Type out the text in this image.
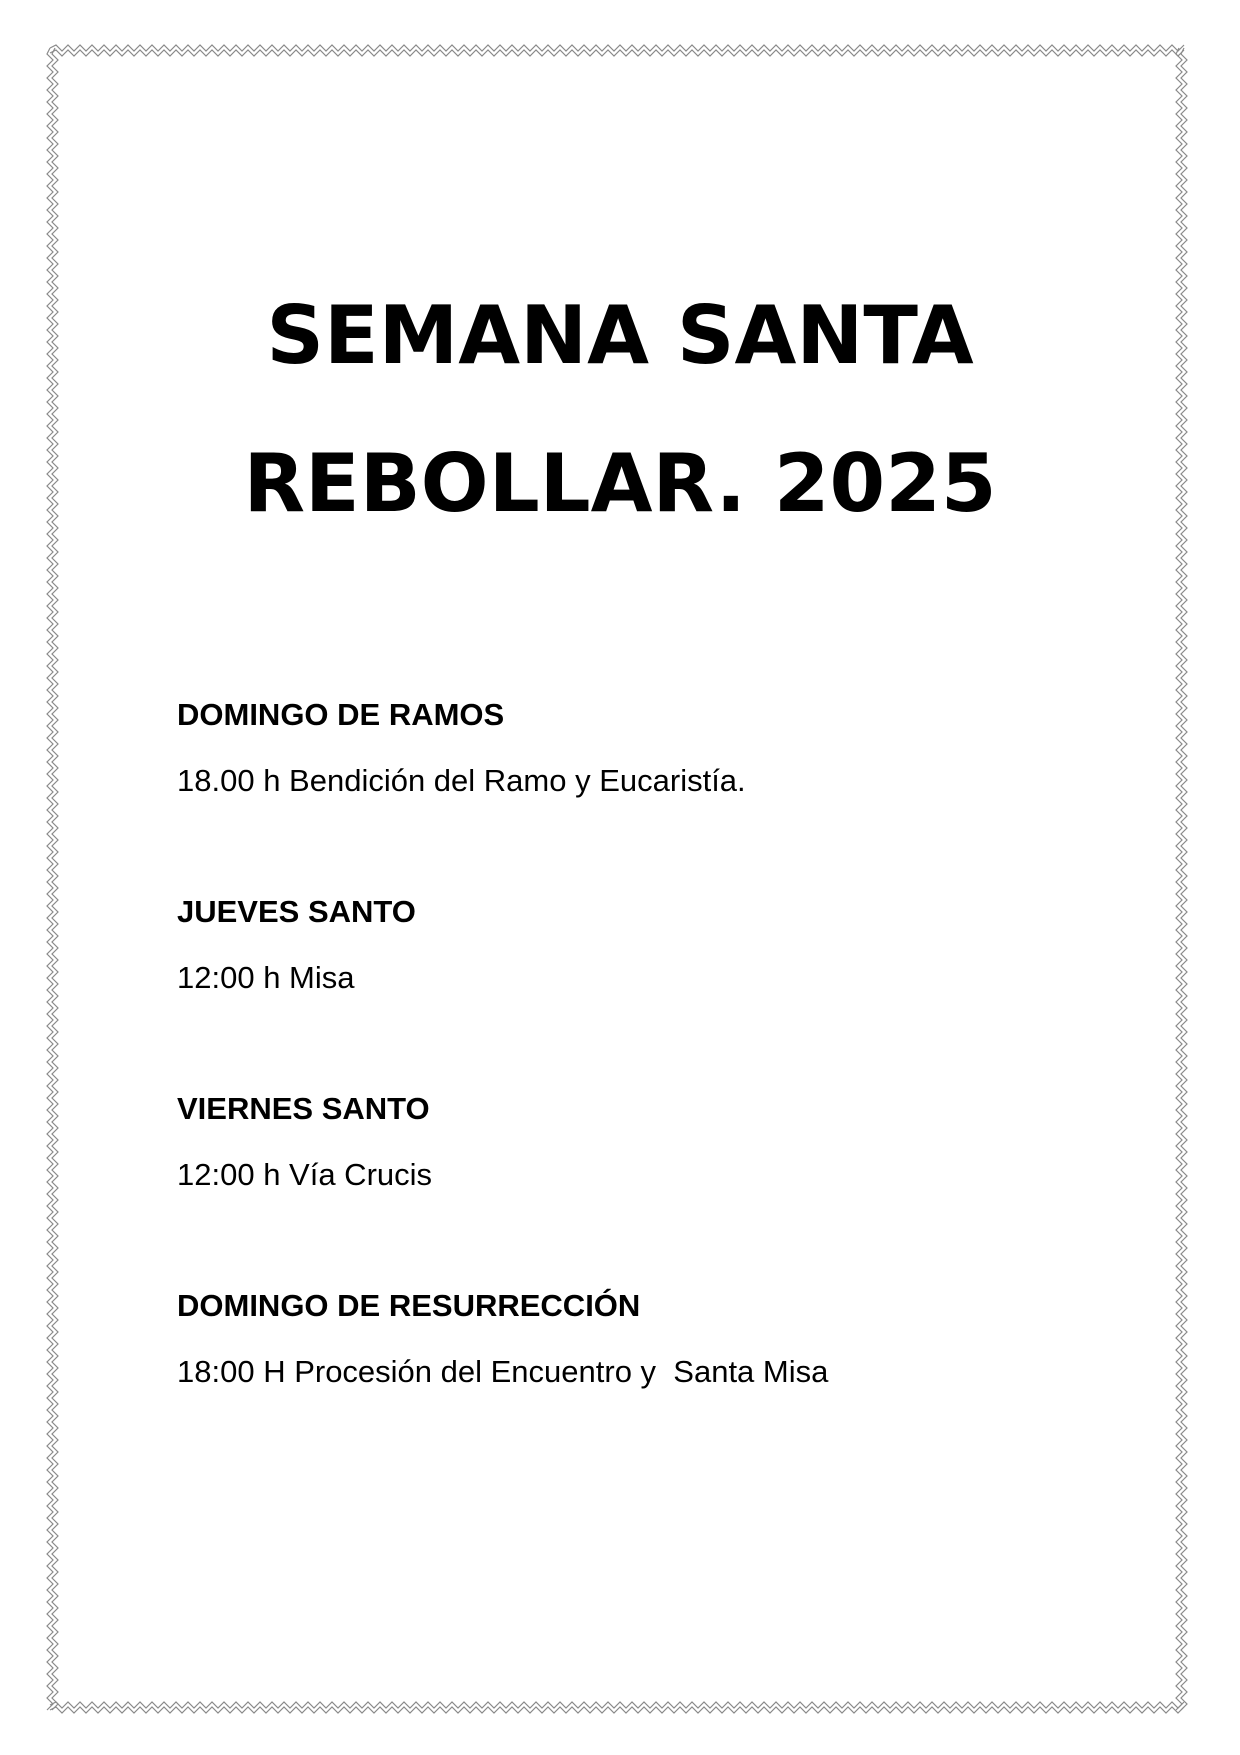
SEMANA SANTA
REBOLLAR. 2025
DOMINGO DE RAMOS
18.00 h Bendición del Ramo y Eucaristía.
JUEVES SANTO
12:00 h Misa
VIERNES SANTO
12:00 h Vía Crucis
DOMINGO DE RESURRECCIÓN
18:00 H Procesión del Encuentro y  Santa Misa
